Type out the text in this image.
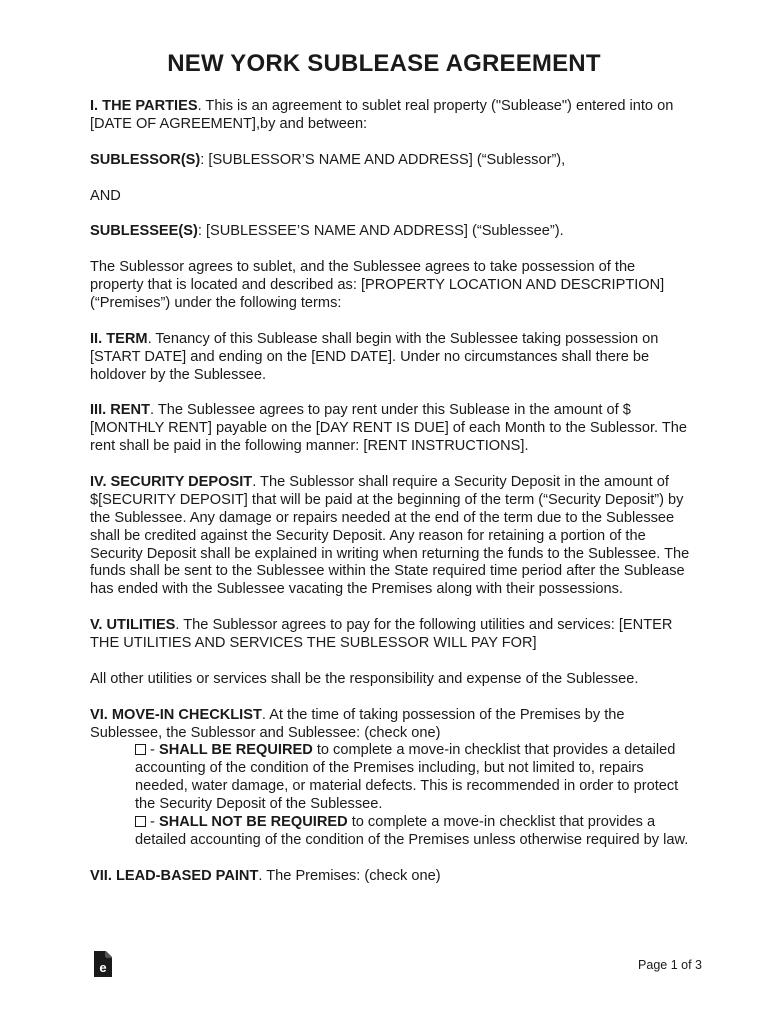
NEW YORK SUBLEASE AGREEMENT

I. THE PARTIES. This is an agreement to sublet real property ("Sublease") entered into on [DATE OF AGREEMENT],by and between:

SUBLESSOR(S): [SUBLESSOR’S NAME AND ADDRESS] (“Sublessor”),

AND

SUBLESSEE(S): [SUBLESSEE’S NAME AND ADDRESS] (“Sublessee”).

The Sublessor agrees to sublet, and the Sublessee agrees to take possession of the property that is located and described as: [PROPERTY LOCATION AND DESCRIPTION] (“Premises”) under the following terms:

II. TERM. Tenancy of this Sublease shall begin with the Sublessee taking possession on [START DATE] and ending on the [END DATE]. Under no circumstances shall there be holdover by the Sublessee.

III. RENT. The Sublessee agrees to pay rent under this Sublease in the amount of $ [MONTHLY RENT] payable on the [DAY RENT IS DUE] of each Month to the Sublessor. The rent shall be paid in the following manner: [RENT INSTRUCTIONS].

IV. SECURITY DEPOSIT. The Sublessor shall require a Security Deposit in the amount of $[SECURITY DEPOSIT] that will be paid at the beginning of the term (“Security Deposit”) by the Sublessee. Any damage or repairs needed at the end of the term due to the Sublessee shall be credited against the Security Deposit. Any reason for retaining a portion of the Security Deposit shall be explained in writing when returning the funds to the Sublessee. The funds shall be sent to the Sublessee within the State required time period after the Sublease has ended with the Sublessee vacating the Premises along with their possessions.

V. UTILITIES. The Sublessor agrees to pay for the following utilities and services: [ENTER THE UTILITIES AND SERVICES THE SUBLESSOR WILL PAY FOR]

All other utilities or services shall be the responsibility and expense of the Sublessee.

VI. MOVE-IN CHECKLIST. At the time of taking possession of the Premises by the Sublessee, the Sublessor and Sublessee: (check one)

- SHALL BE REQUIRED to complete a move-in checklist that provides a detailed accounting of the condition of the Premises including, but not limited to, repairs needed, water damage, or material defects. This is recommended in order to protect the Security Deposit of the Sublessee.

- SHALL NOT BE REQUIRED to complete a move-in checklist that provides a detailed accounting of the condition of the Premises unless otherwise required by law.

VII. LEAD-BASED PAINT. The Premises: (check one)

e	Page 1 of 3
